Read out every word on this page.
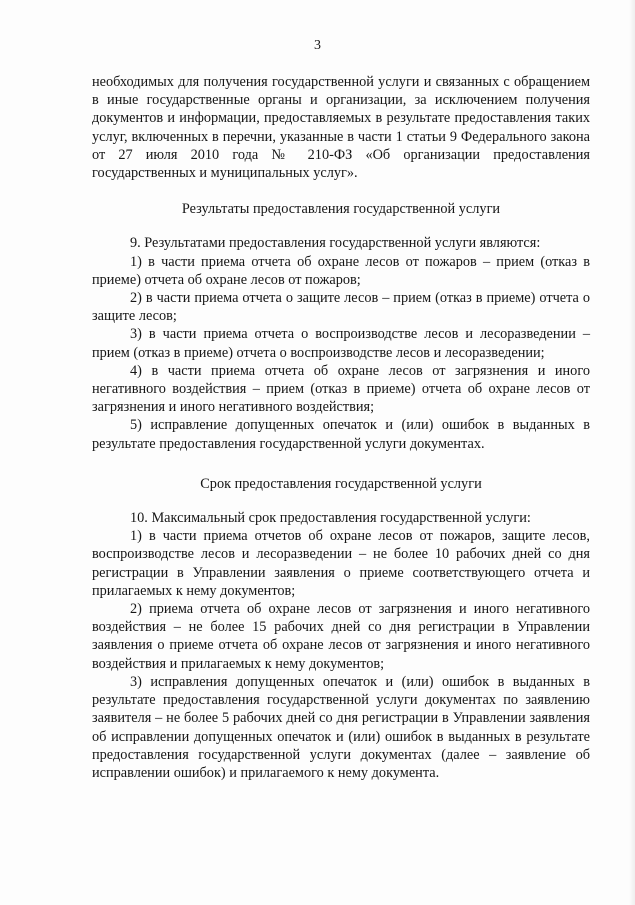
3

необходимых для получения государственной услуги и связанных с обращением в иные государственные органы и организации, за исключением получения документов и информации, предоставляемых в результате предоставления таких услуг, включенных в перечни, указанные в части 1 статьи 9 Федерального закона от 27 июля 2010 года № 210-ФЗ «Об организации предоставления государственных и муниципальных услуг».

Результаты предоставления государственной услуги

9. Результатами предоставления государственной услуги являются:

1) в части приема отчета об охране лесов от пожаров – прием (отказ в приеме) отчета об охране лесов от пожаров;

2) в части приема отчета о защите лесов – прием (отказ в приеме) отчета о защите лесов;

3) в части приема отчета о воспроизводстве лесов и лесоразведении – прием (отказ в приеме) отчета о воспроизводстве лесов и лесоразведении;

4) в части приема отчета об охране лесов от загрязнения и иного негативного воздействия – прием (отказ в приеме) отчета об охране лесов от загрязнения и иного негативного воздействия;

5) исправление допущенных опечаток и (или) ошибок в выданных в результате предоставления государственной услуги документах.

Срок предоставления государственной услуги

10. Максимальный срок предоставления государственной услуги:

1) в части приема отчетов об охране лесов от пожаров, защите лесов, воспроизводстве лесов и лесоразведении – не более 10 рабочих дней со дня регистрации в Управлении заявления о приеме соответствующего отчета и прилагаемых к нему документов;

2) приема отчета об охране лесов от загрязнения и иного негативного воздействия – не более 15 рабочих дней со дня регистрации в Управлении заявления о приеме отчета об охране лесов от загрязнения и иного негативного воздействия и прилагаемых к нему документов;

3) исправления допущенных опечаток и (или) ошибок в выданных в результате предоставления государственной услуги документах по заявлению заявителя – не более 5 рабочих дней со дня регистрации в Управлении заявления об исправлении допущенных опечаток и (или) ошибок в выданных в результате предоставления государственной услуги документах (далее – заявление об исправлении ошибок) и прилагаемого к нему документа.
